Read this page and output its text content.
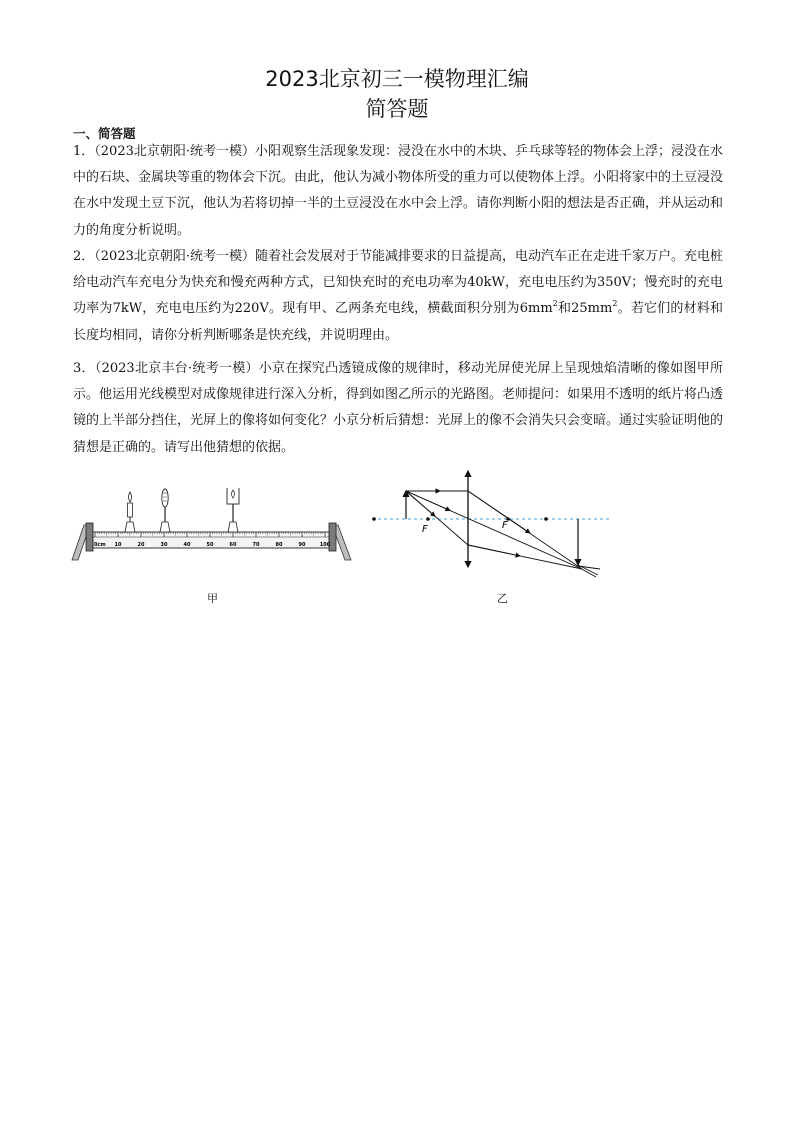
2023北京初三一模物理汇编
简答题
一、简答题
1．（2023北京朝阳·统考一模）小阳观察生活现象发现：浸没在水中的木块、乒乓球等轻的物体会上浮；浸没在水中的石块、金属块等重的物体会下沉。由此，他认为减小物体所受的重力可以使物体上浮。小阳将家中的土豆浸没在水中发现土豆下沉，他认为若将切掉一半的土豆浸没在水中会上浮。请你判断小阳的想法是否正确，并从运动和力的角度分析说明。
2．（2023北京朝阳·统考一模）随着社会发展对于节能减排要求的日益提高，电动汽车正在走进千家万户。充电桩给电动汽车充电分为快充和慢充两种方式，已知快充时的充电功率为40kW，充电电压约为350V；慢充时的充电功率为7kW，充电电压约为220V。现有甲、乙两条充电线，横截面积分别为$6mm^2$和$25mm^2$。若它们的材料和长度均相同，请你分析判断哪条是快充线，并说明理由。
3．（2023北京丰台·统考一模）小京在探究凸透镜成像的规律时，移动光屏使光屏上呈现烛焰清晰的像如图甲所示。他运用光线模型对成像规律进行深入分析，得到如图乙所示的光路图。老师提问：如果用不透明的纸片将凸透镜的上半部分挡住，光屏上的像将如何变化？小京分析后猜想：光屏上的像不会消失只会变暗。通过实验证明他的猜想是正确的。请写出他猜想的依据。
0cm 10	20	30	40	50	60	70	80	90	100
甲
F	F
乙
